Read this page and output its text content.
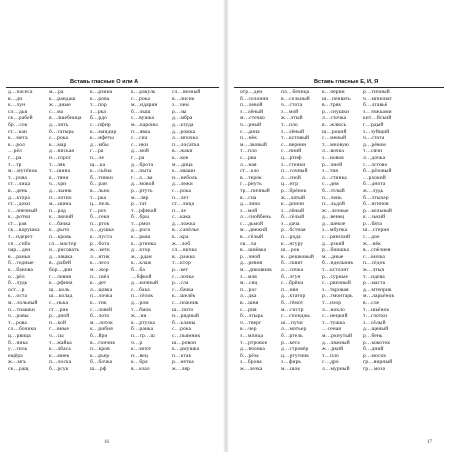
Вставь гласные О или А
д…пасеса
в…ди
к…лун
сл…дья
ск…рабей
бр…сок
ст…кан
к…мета
к…рол
…рёл
г…ра
т…тр
м…мутёнок
т…рова
ст…лица
в…день
д…ктора
ст…доки
с…лнечный
к…ротки
ст…рая
ск…ворушка
т…ндерет
сп…сибо
чар…деи
в…ранья
б…годные
к…банова
о…рёл
б…лудь
ост…р
к…оста
м…зольный
п…тнашки
ч…ровы
т…рова
сл…бочики
ц…рвица
б…ника
у…гиль
ещёра
ж…мгь
ск…ращ
м…ра
к…рандаш
ж…дные
с…ма
в…лшебница
д…лить
б…гатырь
с…рока
к…мар
д…ниская
н…сорог
т…ляк
т…шина
к…тяни
ч…хри
д…льник
п…лотно
м…шина
п…рад
к…лючий
с…бачка
к…рыто
п…кровь
сл…мастер
н…рисовать
д…ляшка
в…рабей
бор…дин
г…ловня
к…рфина
щ…коль
ш…колад
с…нька
ст…рик
р…дной
п…кой
г…вные
ч…сы
т…жайка
к…лбаса
к…мнек
п…лоска
б…рсук
к…рзина
к…рова
т…пор
з…рка
б…рдо
с…пфир
к…мандир
к…нфеты
д…мбы
г…ра
п…ле
щ…ка
к…сьёна
б…тинки
б…ран
в…льно
т…рка
ц…пель
г…рох
б…секи
п…рток
л…душка
к…пуста
р…бота
ж…кетк
л…нтик
к…лесо
м…жор
п…свёл
к…дет
л…цовка
п…лочка
к…тик
с…ловей
б…лото
м…лоток
к…рибня
б…йри
в…гончик
п…кров
к…рьер
б…бочка
ш…рф
к…ракуль
с…рока
м…ндарин
б…лыш
с…вушка
м…кароны
п…явка
с…сна
с…нки
д…мой
г…ра
д…брота
к…пыта
г…л…ва
д…мовой
р…ртуть
м…ляр
р…тат
т…рфекой
б…бры
т…рмоз
д…рога
к…рыш
к…ртинка
д…ктор
ж…рдан
к…клаж
б…ба
…бфкой
д…кичный
с…бака
п…сёлок
д…ром
т…бмок
ж…ни
к…ртузка
б…ранка
п…гр…ш
ч…р
к…мпот
н…вец
к…бра
в…кзал
сл…везный
в…лисик
з…чем
р…зы
д…мбра
д…ктуда
д…рожка
л…мпочка
п…лосатка
в…жаки
к…кое
м…дица
к…мыши
н…неболь
д…лежи
с…рока
п…лет
ст…лица
п…ле
с…кака
д…ложка
в…сапёлье
к…кра
ж…лоб
сл…вичка
в…ражка
т…ктор
р…кет
с…лочка
р…сла
с…бачка
к…шелёк
с…пожник
ш…пито
н…рядный
б…кланы
с…рока
с…пьянник
ш…ровон
к…рмушка
п…ктак
р…нетка
ж…ляр
16
Вставь гласные Е, И, Я
отр…ден
б…селонни
п…левой
з…лёный
м…стечко
ч…рный
с…дина
п…нёк
м…лковый
т…пло
с…рва
л…ная
ст…кло
в…терок
г…рнуть
тр…пичный
в…сна
д…лина
з…мой
л…снойбень
с…дьмой
м…двежий
в…сёлый
св…ча
в…шнёвка
р…чной
д…ревня
м…диковник
з…мля
м…сяц
п…рог
л…дка
в…шня
с…рня
б…лтырь
ч…тверг
в…чер
з…мпица
т…ртровое
д…вчонка
б…рёза
з…брова
ж…лезка
пл…бечица
в…сельный
ч…стота
з…мой
ж…лтый
т…пло
з…лёный
т…кстовый
с…вернин
с…нний
ц…ртиф
з…стенки
п…сочный
л…сной
ц…нтр
р…брёнок
ж…латый
к…рпичи
з…лёный
б…сёлый
з…дача
р…бстная
п…рода
к…нгуру
ш…рок
в…решковый
б…сквит
л…сичка
б…лгун
с…брёки
п…няя
д…ктатор
б…гёмот
м…гистр
с…спонджь
ш…пучи
л…мотьер
б…ртель
р…кета
д…стровёр
ц…ртутник
з…фирь
м…шок
к…черин
ш…пенвать
в…тряк
р…снушки
л…сточка
в…жлюсь
ш…рокий
с…меный
т…мновую
л…вочка
з…новоя
р…чной
з…тия
л…стинка
с…дня
б…зтлый
п…лень
п…льдой
ж…лезные
д…венец
д…шевле
з…мбунка
с…рянский
д…рзкий
р…бнишка
м…дные
б…ндельник
т…кстолит
р…сурные
с…рвизный
з…ткровая
р…гмонтарь
т…нзор
л…нокло
с…нецкий
т…тушка
…сеная
м…ркнутый
д…ляжный
ж…ркий
т…пло
с…дро
л…мурный
р…тичный
ч…мпионат
б…лтавьё
з…тяжками
кит…йский
г…рдый
з…зуйщий
ч…стота
д…рёвом
т…сячи
л…дочка
с…лстово
б…рёзовый
…рхокий
б…днота
ж…лудь
б…лтыхер
б…нгинов
р…кельный
к…зький
р…бята
ш…стерня
с…дое
ж…нёк
в…спёлиев
с…вичка
п…сёдок
ж…лтыч
т…ндева
р…маста
д…мтеприк
м…ларьёнок
в…сле
т…шьёнок
т…глотки
з…сёлый
д…щеный
р…бень
р…кокоток
б…дний
р…мосок
гр…вирный
гр…моза
17
